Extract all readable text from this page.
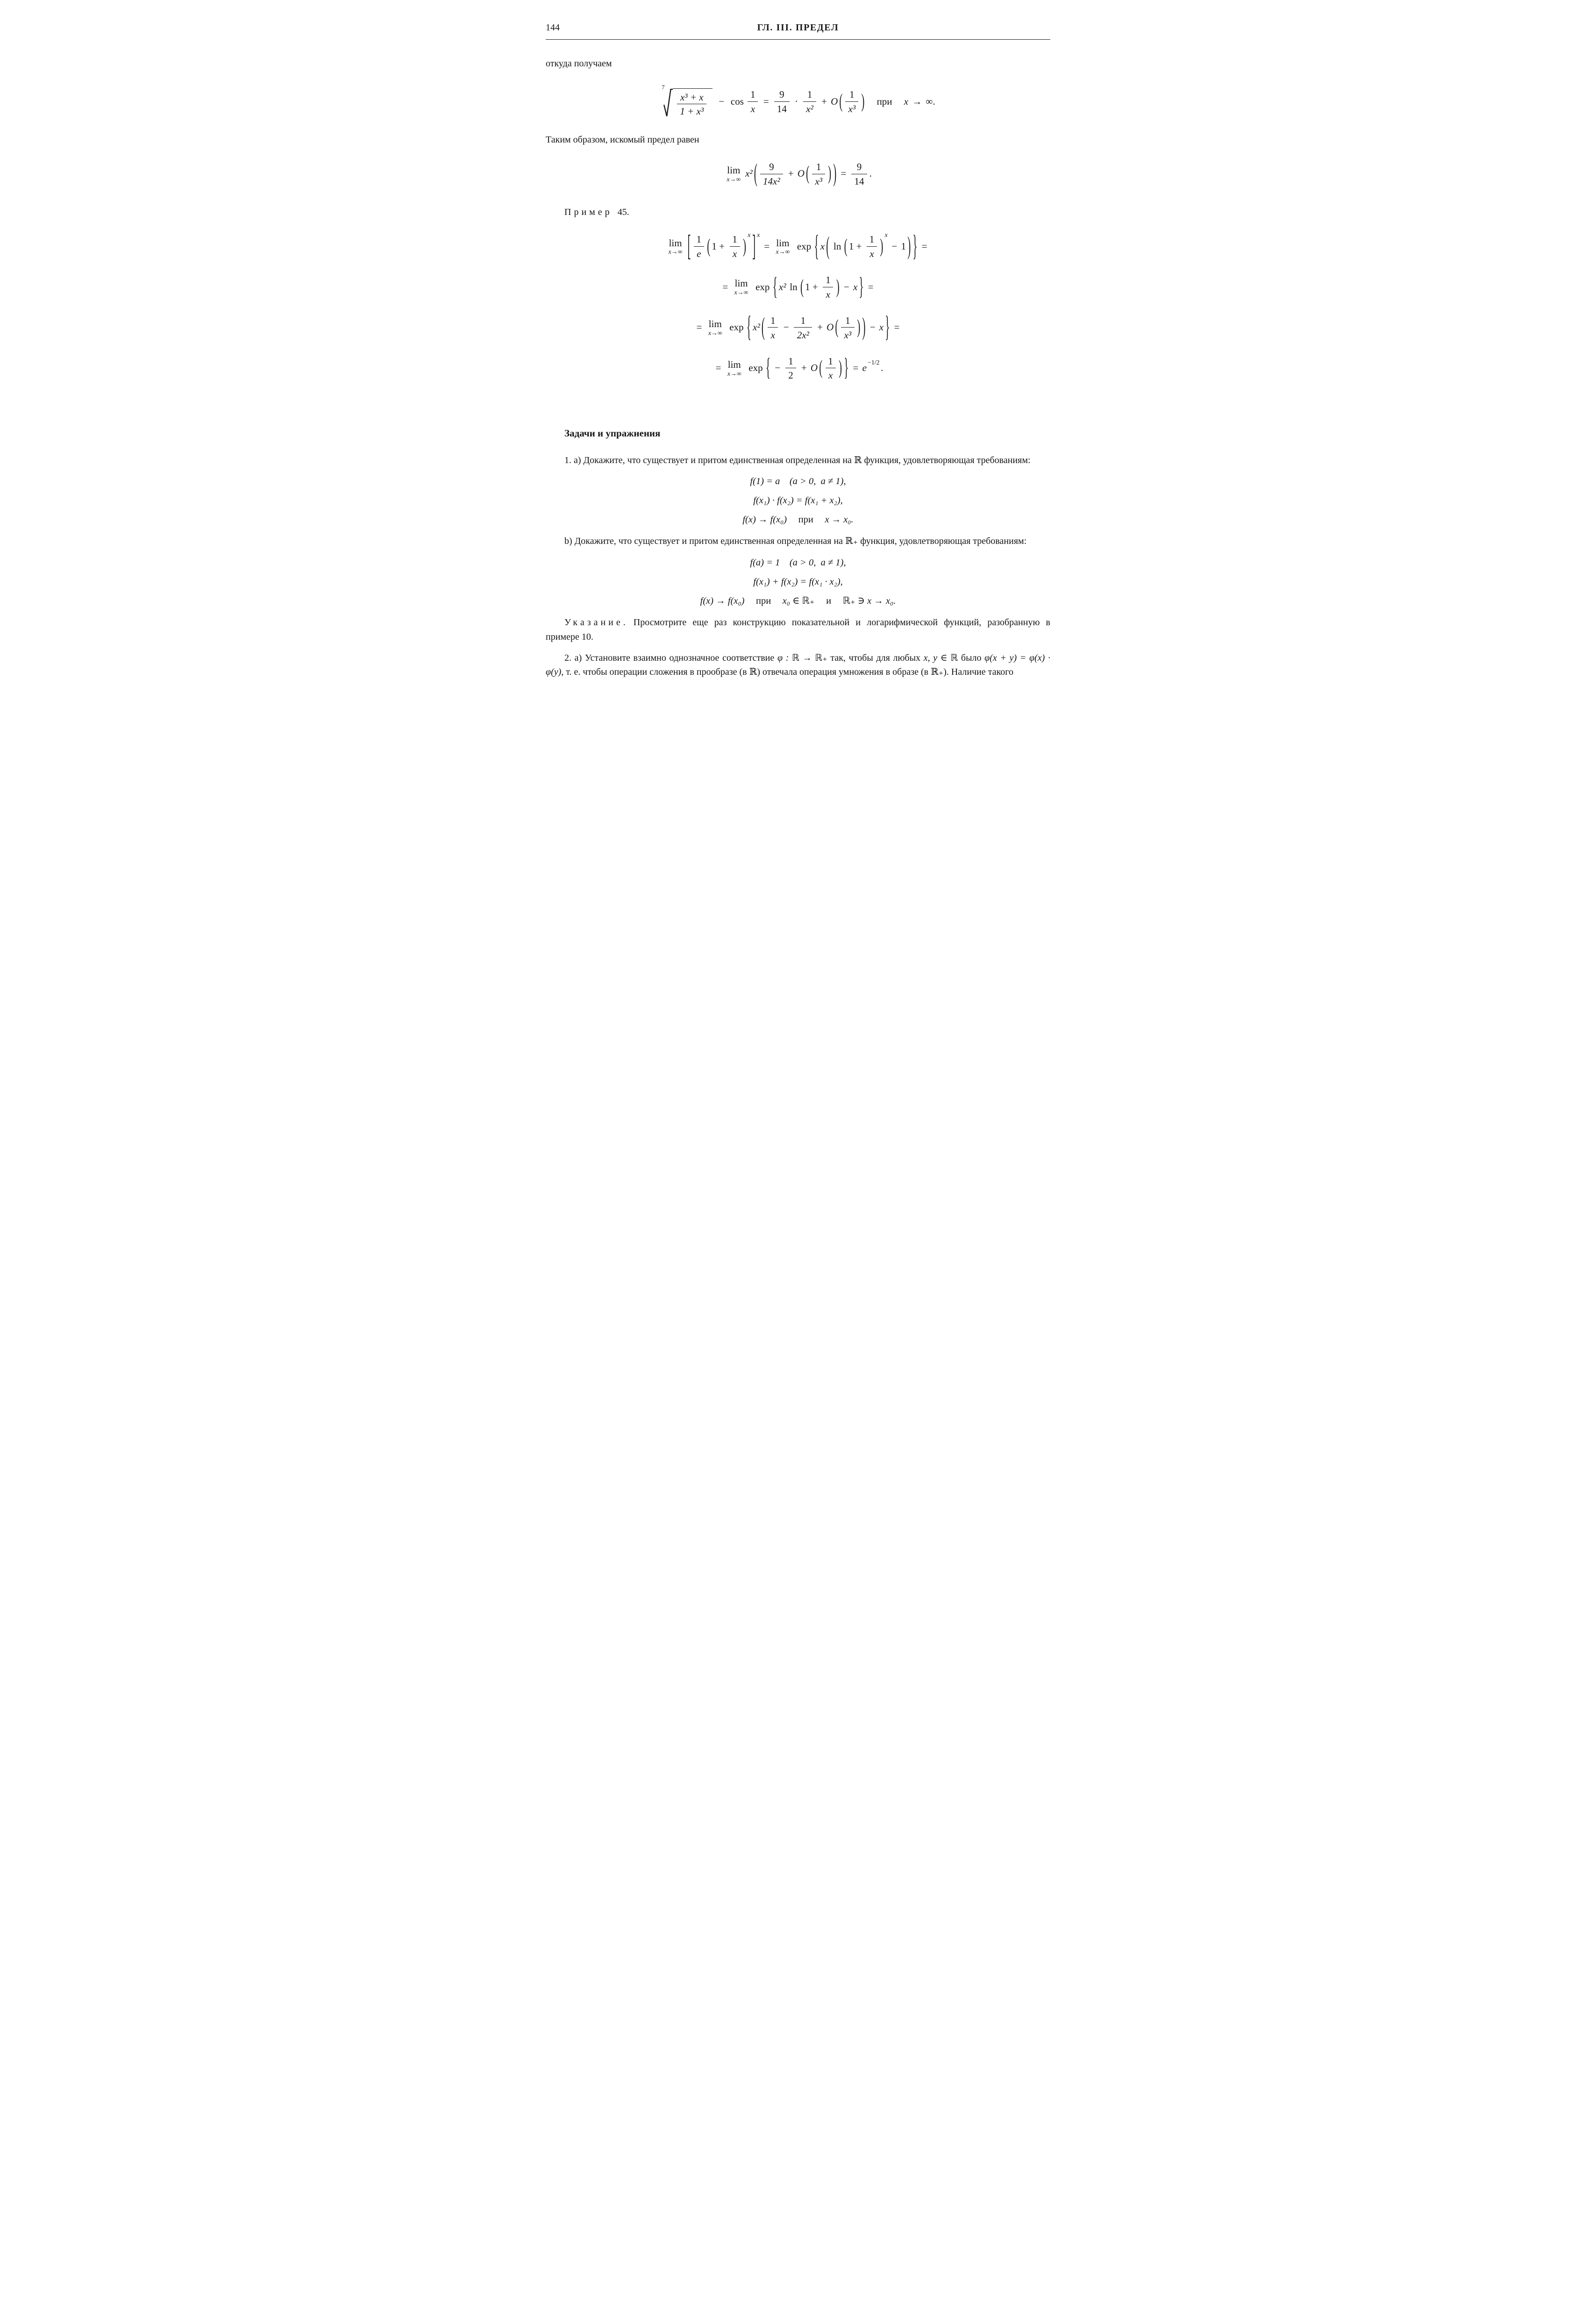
144	ГЛ. III. ПРЕДЕЛ

откуда получаем

7
$\frac{\text{x³ + x}}{\text{1 + x³}} - \cos \frac{1}{x} = \frac{9}{14} \cdot \frac{1}{\text{x²}} + O$ ( $\frac{1}{\text{x³}}$ ) при x → ∞.

Таким образом, искомый предел равен

lim
x→∞
x² ( $\frac{9}{\text{14x²}} + O$ ( $\frac{1}{\text{x³}}$ ) ) = $\frac{9}{14}$ .

Пример 45.

lim
x→∞ [ $\frac{1}{e}$ ( $1 + \frac{1}{x}$ ) x ] x
= lim
x→∞
exp { x ( ln ( $1 + \frac{1}{x}$ ) x
− 1 ) } =
= lim
x→∞
exp { x² ln ( $1 + \frac{1}{x}$ ) − x } =
= lim
x→∞
exp { x² ( $\frac{1}{x} - \frac{1}{\text{2x²}} + O$ ( $\frac{1}{\text{x³}}$ ) ) − x } =
= lim
x→∞
exp { − $\frac{1}{2} + O$ ( $\frac{1}{x}$ ) } = e
−1/2
.
Задачи и упражнения

1. a) Докажите, что существует и притом единственная определенная на ℝ функция, удовлетворяющая требованиям:

f(1) = a    (a > 0,  a ≠ 1),
f(x₁) · f(x₂) = f(x₁ + x₂),
f(x) → f(x₀) при x → x₀.

b) Докажите, что существует и притом единственная определенная на ℝ₊ функция, удовлетворяющая требованиям:

f(a) = 1    (a > 0,  a ≠ 1),
f(x₁) + f(x₂) = f(x₁ · x₂),
f(x) → f(x₀) при x₀ ∈ ℝ₊ и ℝ₊ ∋ x → x₀.

Указание. Просмотрите еще раз конструкцию показательной и логарифмической функций, разобранную в примере 10.

2. a) Установите взаимно однозначное соответствие φ : ℝ → ℝ₊ так, чтобы для любых x, y ∈ ℝ было φ(x + y) = φ(x) · φ(y), т. е. чтобы операции сложения в прообразе (в ℝ) отвечала операция умножения в образе (в ℝ₊). Наличие такого
